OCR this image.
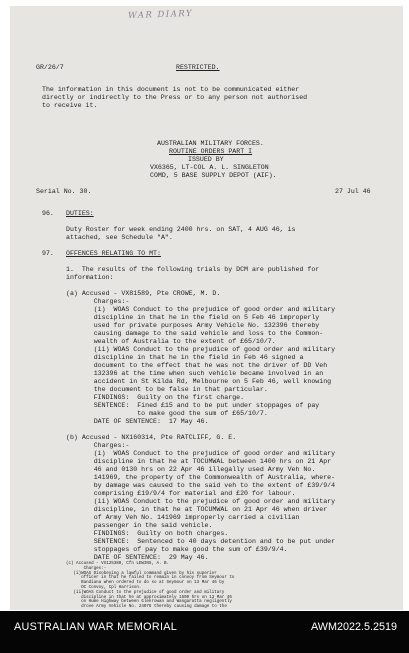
WAR DIARY
GR/26/7	RESTRICTED.
The information in this document is not to be communicated either
directly or indirectly to the Press or to any person not authorised
to receive it.
AUSTRALIAN MILITARY FORCES.
ROUTINE ORDERS PART I
ISSUED BY
VX6365, LT-COL A. L. SINGLETON
COMD, 5 BASE SUPPLY DEPOT (AIF).
Serial No. 30.	27 Jul 46
96. DUTIES:
Duty Roster for week ending 2400 hrs. on SAT, 4 AUG 46, is
attached, see Schedule "A".
97. OFFENCES RELATING TO MT:
1.  The results of the following trials by DCM are published for
information:
(a) Accused - VX81589, Pte CROWE, M. D.
Charges:-
(i)  WOAS Conduct to the prejudice of good order and military
discipline in that he in the field on 5 Feb 46 improperly
used for private purposes Army Vehicle No. 132396 thereby
causing damage to the said vehicle and loss to the Common-
wealth of Australia to the extent of £65/10/7.
(ii) WOAS Conduct to the prejudice of good order and military
discipline in that he in the field in Feb 46 signed a
document to the effect that he was not the driver of DD Veh
132396 at the time when such vehicle became involved in an
accident in St Kilda Rd, Melbourne on 5 Feb 46, well knowing
the document to be false in that particular.
FINDINGS:  Guilty on the first charge.
SENTENCE:  Fined £15 and to be put under stoppages of pay
to make good the sum of £65/10/7.
DATE OF SENTENCE:  17 May 46.
(b) Accused - NX160314, Pte RATCLIFF, G. E.
Charges:-
(i)  WOAS Conduct to the prejudice of good order and military
discipline in that he at TOCUMWAL between 1400 hrs on 21 Apr
46 and 0130 hrs on 22 Apr 46 illegally used Army Veh No.
141969, the property of the Commonwealth of Australia, where-
by damage was caused to the said veh to the extent of £39/9/4
comprising £19/9/4 for material and £20 for labour.
(ii) WOAS Conduct to the prejudice of good order and military
discipline, in that he at TOCUMWAL on 21 Apr 46 when driver
of Army Veh No. 141969 improperly carried a civilian
passenger in the said vehicle.
FINDINGS:  Guilty on both charges.
SENTENCE:  Sentenced to 40 days detention and to be put under
stoppages of pay to make good the sum of £39/9/4.
DATE OF SENTENCE:  29 May 46.
(c) Accused - VX125380, Cfn LEWINS, A. B.
Charges:-
(i)WOAS Disobeying a lawful command given by his superior
officer in that he failed to remain in convoy from Seymour to
Bandiana when ordered to do so at Seymour on 13 Mar 46 by
OC Convoy, Cpl Harrison.
(ii)WOAS Conduct to the prejudice of good order and military
discipline in that he at approximately 1500 hrs on 13 Mar 46
on Hume Highway between Glenrowan and Wangaratta negligently
drove Army Vehicle No. 24076 thereby causing damage to the
AUSTRALIAN WAR MEMORIAL	AWM2022.5.2519
